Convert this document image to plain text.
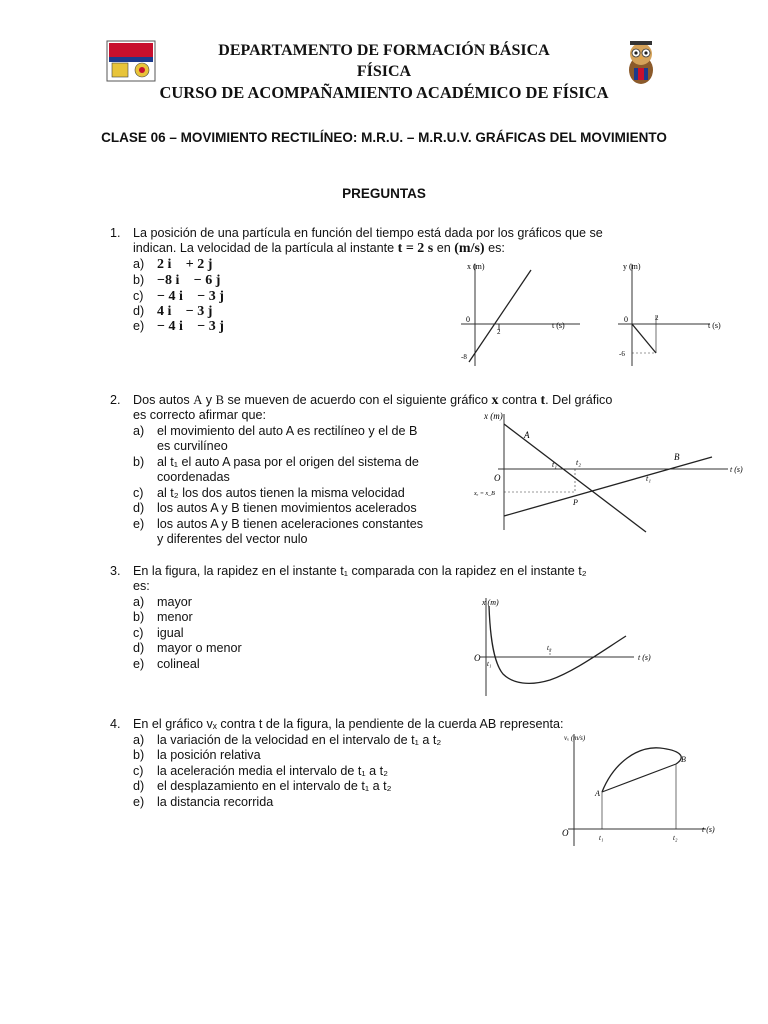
DEPARTAMENTO DE FORMACIÓN BÁSICA
FÍSICA
CURSO DE ACOMPAÑAMIENTO ACADÉMICO DE FÍSICA
CLASE 06 – MOVIMIENTO RECTILÍNEO: M.R.U. – M.R.U.V. GRÁFICAS DEL MOVIMIENTO
PREGUNTAS
1. La posición de una partícula en función del tiempo está dada por los gráficos que se
indican. La velocidad de la partícula al instante t = 2 s en (m/s) es:
a) 2 i⃗ + 2 j⃗
b) −8 i⃗ − 6 j⃗
c) − 4 i⃗ − 3 j⃗
d) 4 i⃗ − 3 j⃗
e) − 4 i⃗ − 3 j⃗
x (m)
t (s)
0
2
-8
y (m)
t (s)
0	2
-6
2. Dos autos A y B se mueven de acuerdo con el siguiente gráfico x contra t. Del gráfico
es correcto afirmar que:
a) el movimiento del auto A es rectilíneo y el de B
es curvilíneo
b) al t₁ el auto A pasa por el origen del sistema de
coordenadas
c) al t₂ los dos autos tienen la misma velocidad
d) los autos A y B tienen movimientos acelerados
e) los autos A y B tienen aceleraciones constantes
y diferentes del vector nulo
x (m)
t (s)
O
A
B
t₁ t₂
t₁
P
xₐ = x_B
3. En la figura, la rapidez en el instante t₁ comparada con la rapidez en el instante t₂
es:
a) mayor
b) menor
c) igual
d) mayor o menor
e) colineal
x (m)
t (s)
O
t₁
t₂
4. En el gráfico vₓ contra t de la figura, la pendiente de la cuerda AB representa:
a) la variación de la velocidad en el intervalo de t₁ a t₂
b) la posición relativa
c) la aceleración media el intervalo de t₁ a t₂
d) el desplazamiento en el intervalo de t₁ a t₂
e) la distancia recorrida
vₓ (m/s)
t (s)
O
A
B
t₁	t₂
